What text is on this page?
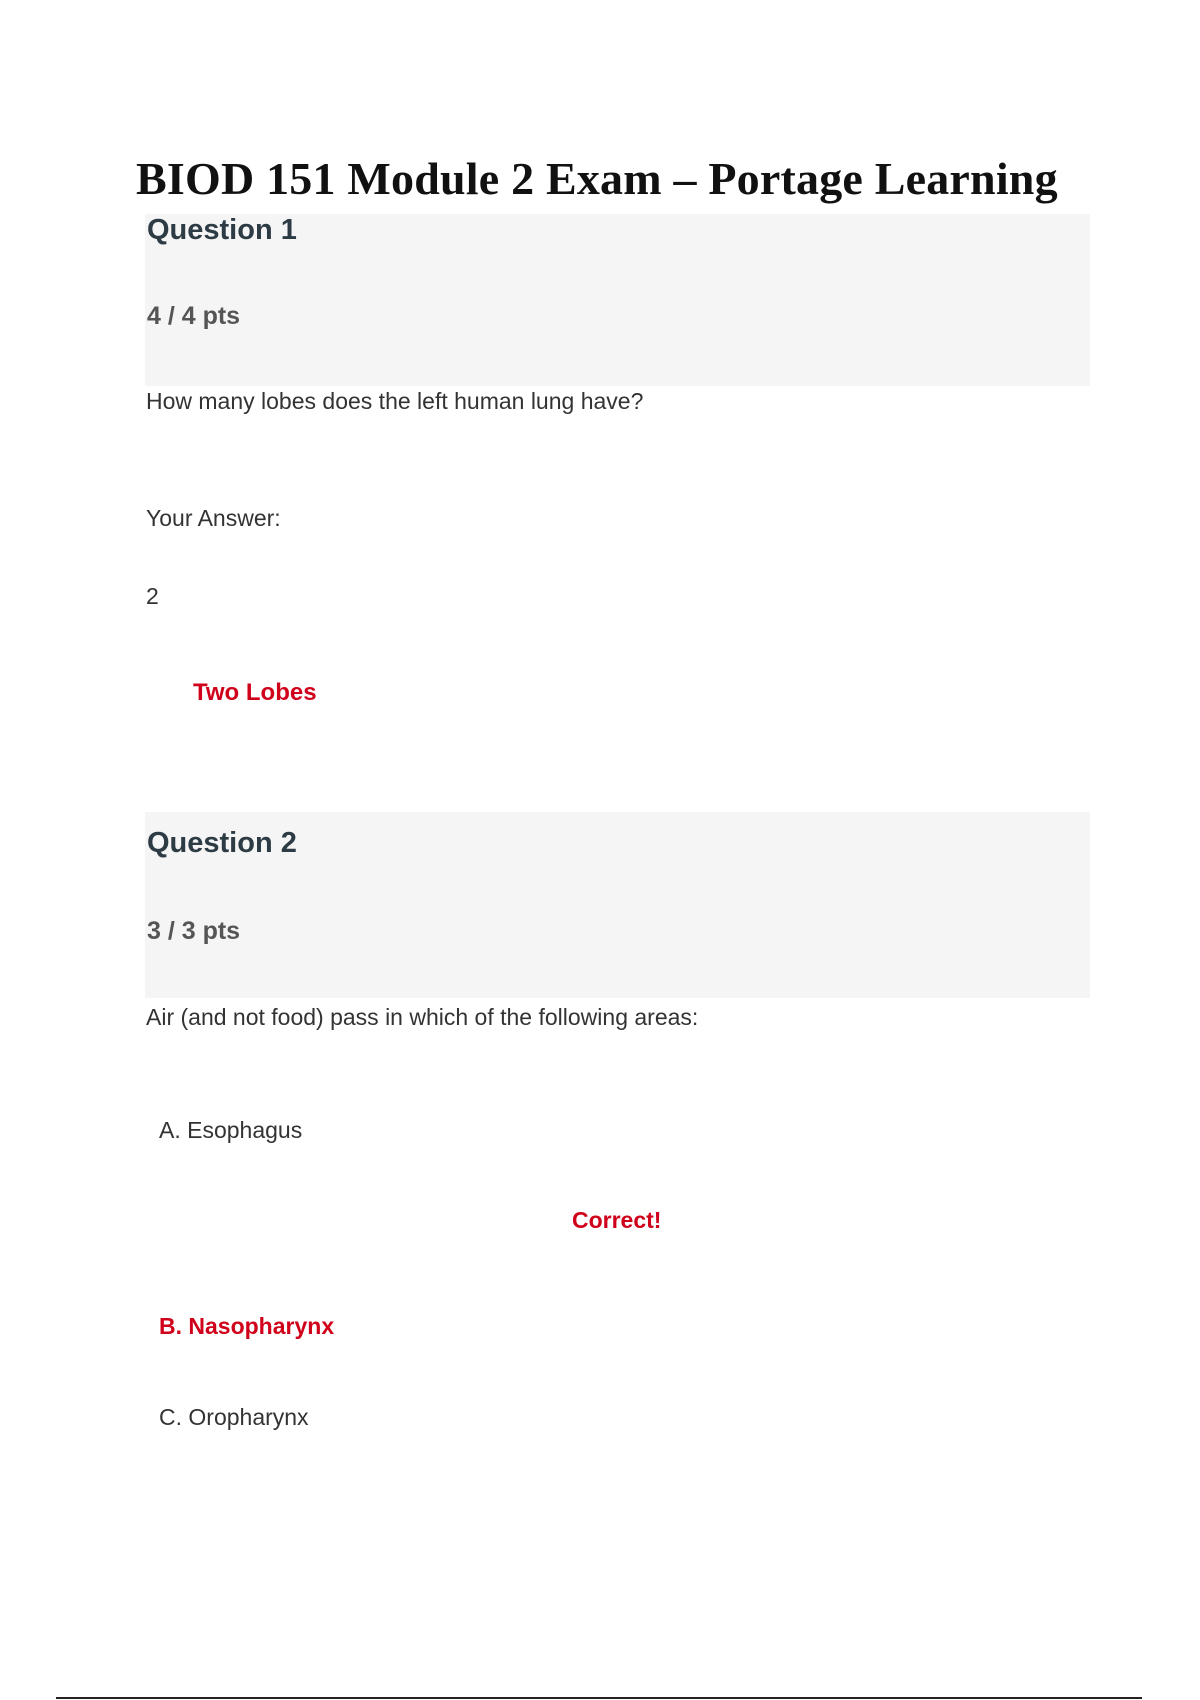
BIOD 151 Module 2 Exam – Portage Learning
Question 1
4 / 4 pts
How many lobes does the left human lung have?
Your Answer:
2
Two Lobes
Question 2
3 / 3 pts
Air (and not food) pass in which of the following areas:
A. Esophagus
Correct!
B. Nasopharynx
C. Oropharynx
